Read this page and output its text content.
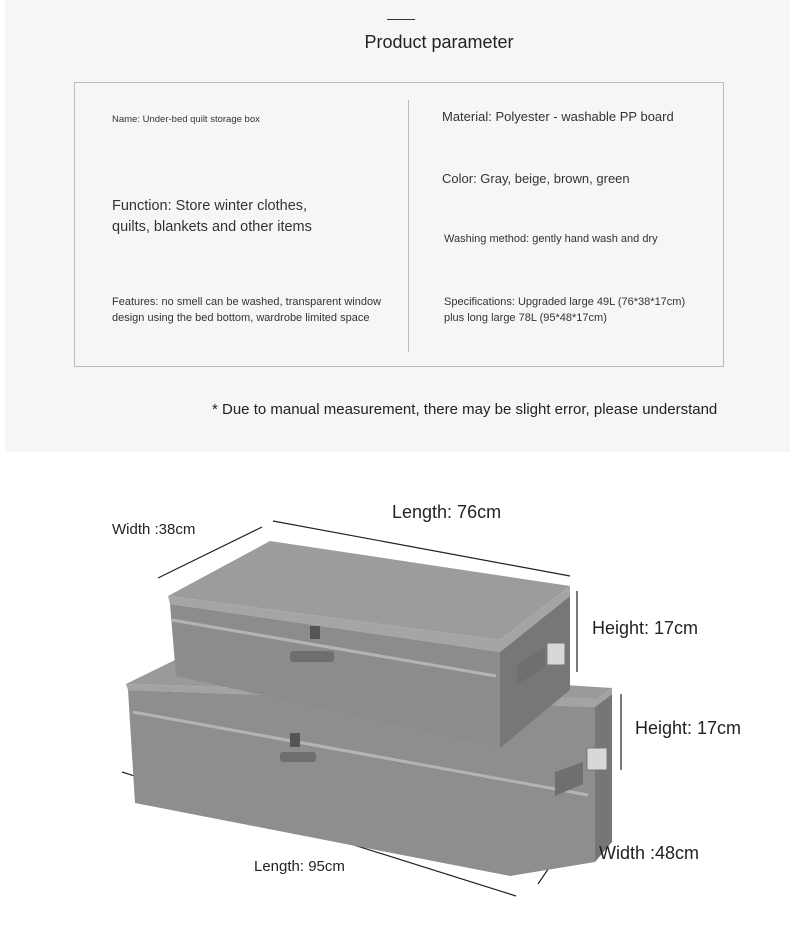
Product parameter
Name: Under-bed quilt storage box
Function: Store winter clothes,
quilts, blankets and other items
Features: no smell can be washed, transparent window
design using the bed bottom, wardrobe limited space
Material: Polyester - washable PP board
Color: Gray, beige, brown, green
Washing method: gently hand wash and dry
Specifications: Upgraded large 49L (76*38*17cm)
plus long large 78L (95*48*17cm)
* Due to manual measurement, there may be slight error, please understand
Width :38cm
Length: 76cm
Height: 17cm
Height: 17cm
Width :48cm
Length: 95cm
